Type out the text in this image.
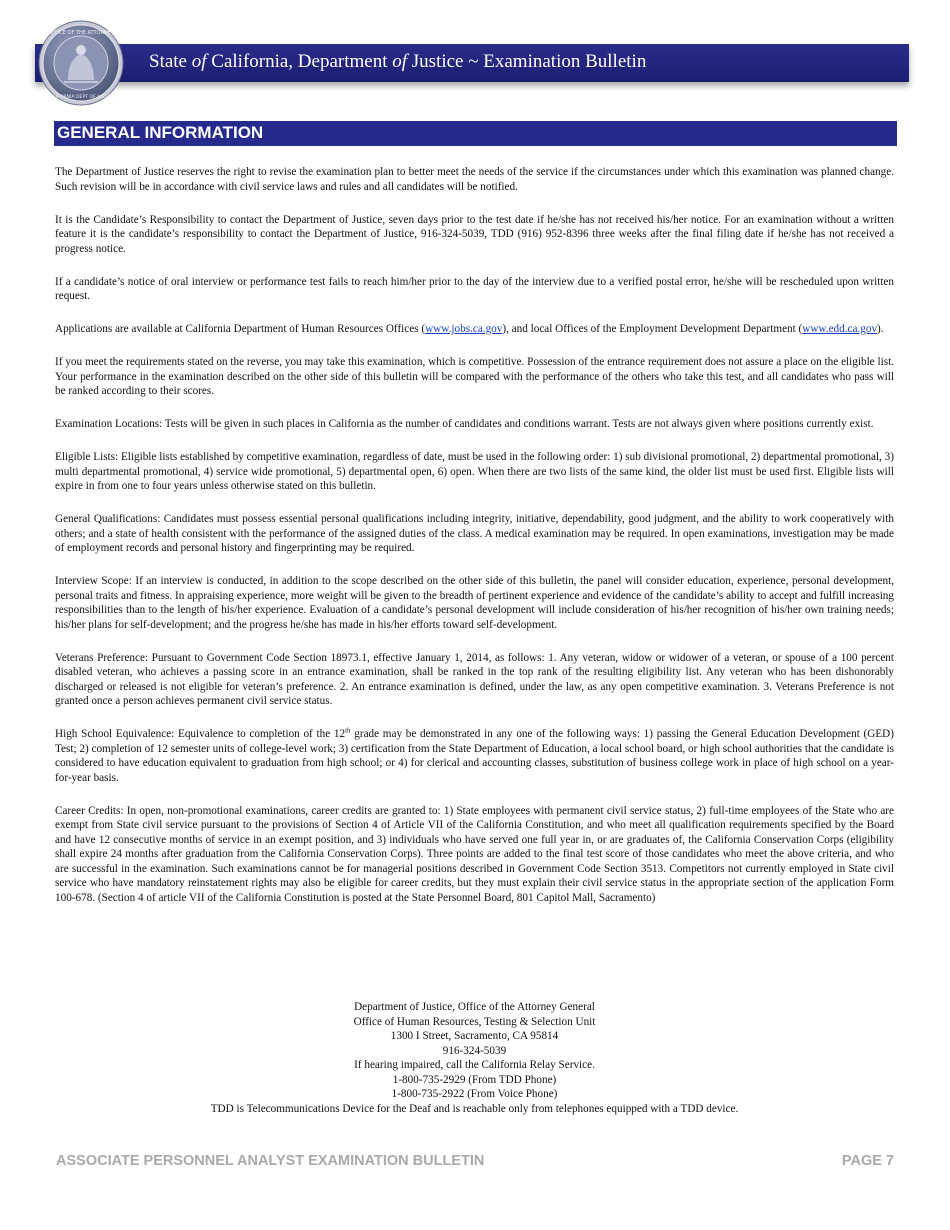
State of California, Department of Justice ~ Examination Bulletin
OFFICE OF THE ATTORNEY
CALIFORNIA DEPT OF JUSTICE
GENERAL INFORMATION

The Department of Justice reserves the right to revise the examination plan to better meet the needs of the service if the circumstances under which this examination was planned change. Such revision will be in accordance with civil service laws and rules and all candidates will be notified.

It is the Candidate’s Responsibility to contact the Department of Justice, seven days prior to the test date if he/she has not received his/her notice. For an examination without a written feature it is the candidate’s responsibility to contact the Department of Justice, 916-324-5039, TDD (916) 952-8396 three weeks after the final filing date if he/she has not received a progress notice.

If a candidate’s notice of oral interview or performance test fails to reach him/her prior to the day of the interview due to a verified postal error, he/she will be rescheduled upon written request.

Applications are available at California Department of Human Resources Offices (www.jobs.ca.gov), and local Offices of the Employment Development Department (www.edd.ca.gov).

If you meet the requirements stated on the reverse, you may take this examination, which is competitive. Possession of the entrance requirement does not assure a place on the eligible list. Your performance in the examination described on the other side of this bulletin will be compared with the performance of the others who take this test, and all candidates who pass will be ranked according to their scores.

Examination Locations: Tests will be given in such places in California as the number of candidates and conditions warrant. Tests are not always given where positions currently exist.

Eligible Lists: Eligible lists established by competitive examination, regardless of date, must be used in the following order: 1) sub divisional promotional, 2) departmental promotional, 3) multi departmental promotional, 4) service wide promotional, 5) departmental open, 6) open. When there are two lists of the same kind, the older list must be used first. Eligible lists will expire in from one to four years unless otherwise stated on this bulletin.

General Qualifications: Candidates must possess essential personal qualifications including integrity, initiative, dependability, good judgment, and the ability to work cooperatively with others; and a state of health consistent with the performance of the assigned duties of the class. A medical examination may be required. In open examinations, investigation may be made of employment records and personal history and fingerprinting may be required.

Interview Scope: If an interview is conducted, in addition to the scope described on the other side of this bulletin, the panel will consider education, experience, personal development, personal traits and fitness. In appraising experience, more weight will be given to the breadth of pertinent experience and evidence of the candidate’s ability to accept and fulfill increasing responsibilities than to the length of his/her experience. Evaluation of a candidate’s personal development will include consideration of his/her recognition of his/her own training needs; his/her plans for self-development; and the progress he/she has made in his/her efforts toward self-development.

Veterans Preference: Pursuant to Government Code Section 18973.1, effective January 1, 2014, as follows: 1. Any veteran, widow or widower of a veteran, or spouse of a 100 percent disabled veteran, who achieves a passing score in an entrance examination, shall be ranked in the top rank of the resulting eligibility list. Any veteran who has been dishonorably discharged or released is not eligible for veteran’s preference. 2. An entrance examination is defined, under the law, as any open competitive examination. 3. Veterans Preference is not granted once a person achieves permanent civil service status.

High School Equivalence: Equivalence to completion of the 12th grade may be demonstrated in any one of the following ways: 1) passing the General Education Development (GED) Test; 2) completion of 12 semester units of college-level work; 3) certification from the State Department of Education, a local school board, or high school authorities that the candidate is considered to have education equivalent to graduation from high school; or 4) for clerical and accounting classes, substitution of business college work in place of high school on a year-for-year basis.

Career Credits: In open, non-promotional examinations, career credits are granted to: 1) State employees with permanent civil service status, 2) full-time employees of the State who are exempt from State civil service pursuant to the provisions of Section 4 of Article VII of the California Constitution, and who meet all qualification requirements specified by the Board and have 12 consecutive months of service in an exempt position, and 3) individuals who have served one full year in, or are graduates of, the California Conservation Corps (eligibility shall expire 24 months after graduation from the California Conservation Corps). Three points are added to the final test score of those candidates who meet the above criteria, and who are successful in the examination. Such examinations cannot be for managerial positions described in Government Code Section 3513. Competitors not currently employed in State civil service who have mandatory reinstatement rights may also be eligible for career credits, but they must explain their civil service status in the appropriate section of the application Form 100-678. (Section 4 of article VII of the California Constitution is posted at the State Personnel Board, 801 Capitol Mall, Sacramento)

Department of Justice, Office of the Attorney General
Office of Human Resources, Testing & Selection Unit
1300 I Street, Sacramento, CA 95814
916-324-5039
If hearing impaired, call the California Relay Service.
1-800-735-2929 (From TDD Phone)
1-800-735-2922 (From Voice Phone)
TDD is Telecommunications Device for the Deaf and is reachable only from telephones equipped with a TDD device.
ASSOCIATE PERSONNEL ANALYST EXAMINATION BULLETIN	PAGE 7
